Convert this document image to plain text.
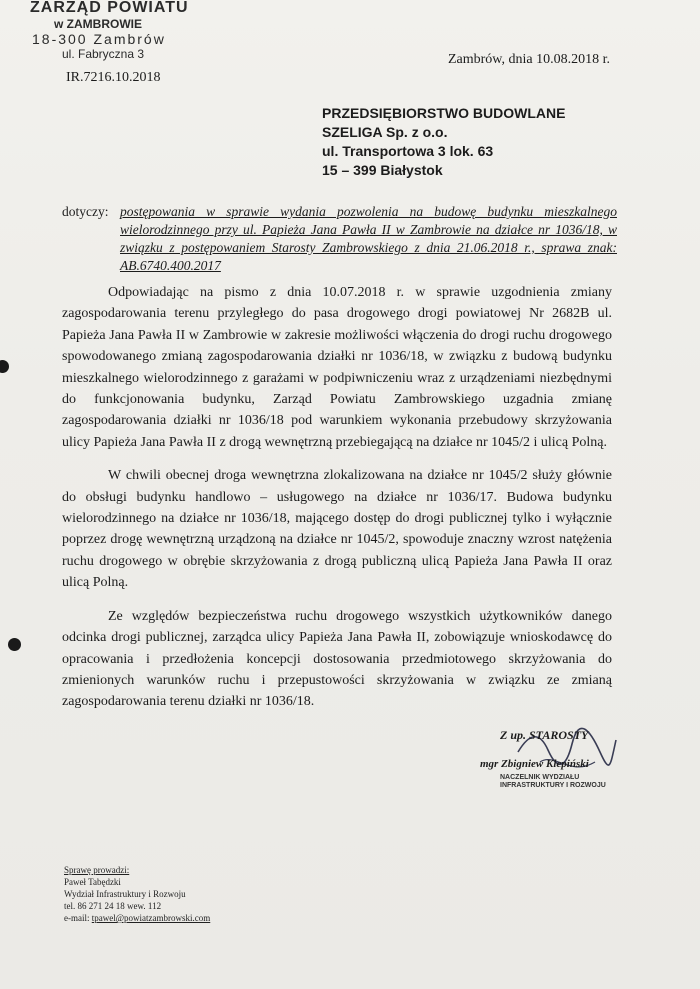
ZARZĄD POWIATU
w ZAMBROWIE
18-300 Zambrów
ul. Fabryczna 3	Zambrów, dnia 10.08.2018 r.
IR.7216.10.2018
PRZEDSIĘBIORSTWO BUDOWLANE
SZELIGA Sp. z o.o.
ul. Transportowa 3 lok. 63
15 – 399 Białystok
dotyczy: postępowania w sprawie wydania pozwolenia na budowę budynku mieszkalnego wielorodzinnego przy ul. Papieża Jana Pawła II w Zambrowie na działce nr 1036/18, w związku z postępowaniem Starosty Zambrowskiego z dnia 21.06.2018 r., sprawa znak: AB.6740.400.2017

Odpowiadając na pismo z dnia 10.07.2018 r. w sprawie uzgodnienia zmiany zagospodarowania terenu przyległego do pasa drogowego drogi powiatowej Nr 2682B ul. Papieża Jana Pawła II w Zambrowie w zakresie możliwości włączenia do drogi ruchu drogowego spowodowanego zmianą zagospodarowania działki nr 1036/18, w związku z budową budynku mieszkalnego wielorodzinnego z garażami w podpiwniczeniu wraz z urządzeniami niezbędnymi do funkcjonowania budynku, Zarząd Powiatu Zambrowskiego uzgadnia zmianę zagospodarowania działki nr 1036/18 pod warunkiem wykonania przebudowy skrzyżowania ulicy Papieża Jana Pawła II z drogą wewnętrzną przebiegającą na działce nr 1045/2 i ulicą Polną.

W chwili obecnej droga wewnętrzna zlokalizowana na działce nr 1045/2 służy głównie do obsługi budynku handlowo – usługowego na działce nr 1036/17. Budowa budynku wielorodzinnego na działce nr 1036/18, mającego dostęp do drogi publicznej tylko i wyłącznie poprzez drogę wewnętrzną urządzoną na działce nr 1045/2, spowoduje znaczny wzrost natężenia ruchu drogowego w obrębie skrzyżowania z drogą publiczną ulicą Papieża Jana Pawła II oraz ulicą Polną.

Ze względów bezpieczeństwa ruchu drogowego wszystkich użytkowników danego odcinka drogi publicznej, zarządca ulicy Papieża Jana Pawła II, zobowiązuje wnioskodawcę do opracowania i przedłożenia koncepcji dostosowania przedmiotowego skrzyżowania do zmienionych warunków ruchu i przepustowości skrzyżowania w związku ze zmianą zagospodarowania terenu działki nr 1036/18.

Z up. STAROSTY
mgr Zbigniew Klepiński
NACZELNIK WYDZIAŁU
INFRASTRUKTURY I ROZWOJU
Sprawę prowadzi:
Paweł Tabędzki
Wydział Infrastruktury i Rozwoju
tel. 86 271 24 18 wew. 112
e-mail: tpawel@powiatzambrowski.com
